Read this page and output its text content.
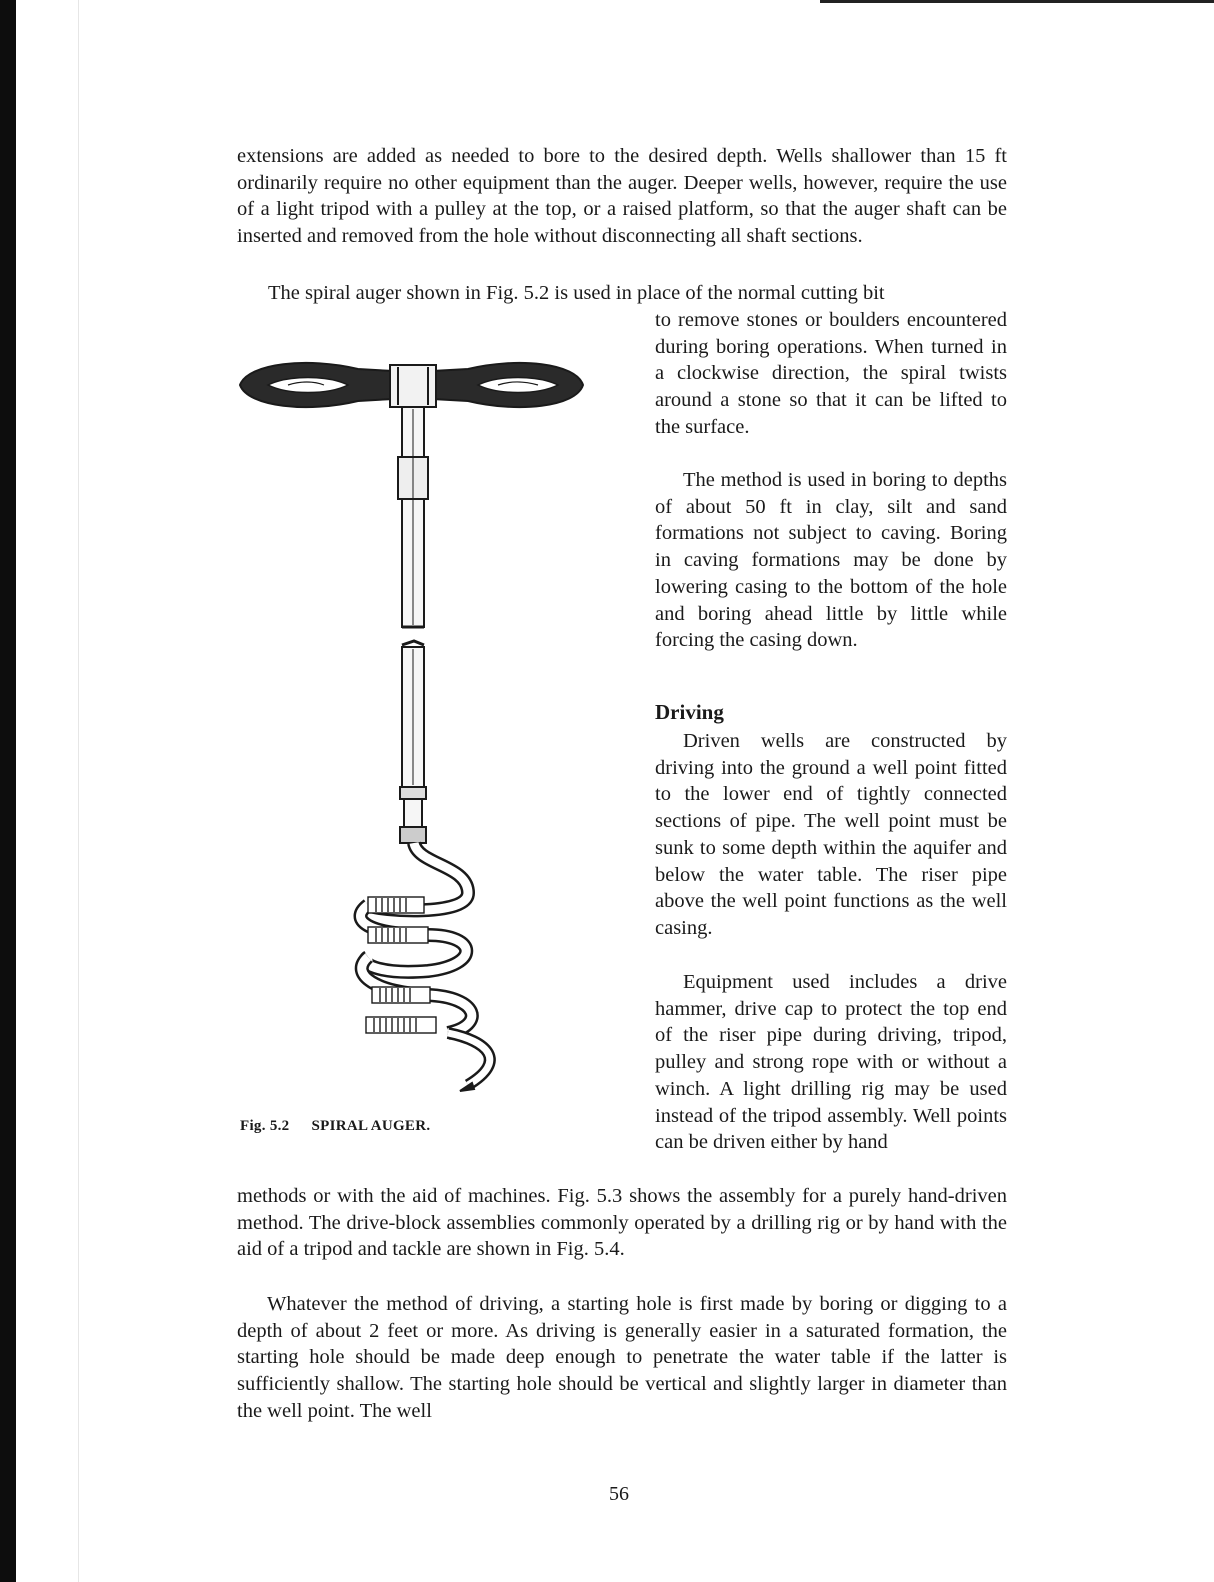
extensions are added as needed to bore to the desired depth. Wells shallower than 15 ft ordinarily require no other equipment than the auger. Deeper wells, however, require the use of a light tripod with a pulley at the top, or a raised platform, so that the auger shaft can be inserted and removed from the hole without disconnecting all shaft sections.

The spiral auger shown in Fig. 5.2 is used in place of the normal cutting bit

to remove stones or boulders encountered during boring operations. When turned in a clockwise direction, the spiral twists around a stone so that it can be lifted to the surface.

The method is used in boring to depths of about 50 ft in clay, silt and sand formations not subject to caving. Boring in caving formations may be done by lowering casing to the bottom of the hole and boring ahead little by little while forcing the casing down.

Driving

Driven wells are constructed by driving into the ground a well point fitted to the lower end of tightly connected sections of pipe. The well point must be sunk to some depth within the aquifer and below the water table. The riser pipe above the well point functions as the well casing.

Equipment used includes a drive hammer, drive cap to protect the top end of the riser pipe during driving, tripod, pulley and strong rope with or without a winch. A light drilling rig may be used instead of the tripod assembly. Well points can be driven either by hand

methods or with the aid of machines. Fig. 5.3 shows the assembly for a purely hand-driven method. The drive-block assemblies commonly operated by a drilling rig or by hand with the aid of a tripod and tackle are shown in Fig. 5.4.

Whatever the method of driving, a starting hole is first made by boring or digging to a depth of about 2 feet or more. As driving is generally easier in a saturated formation, the starting hole should be made deep enough to penetrate the water table if the latter is sufficiently shallow. The starting hole should be vertical and slightly larger in diameter than the well point. The well

Fig. 5.2 SPIRAL AUGER.

56
